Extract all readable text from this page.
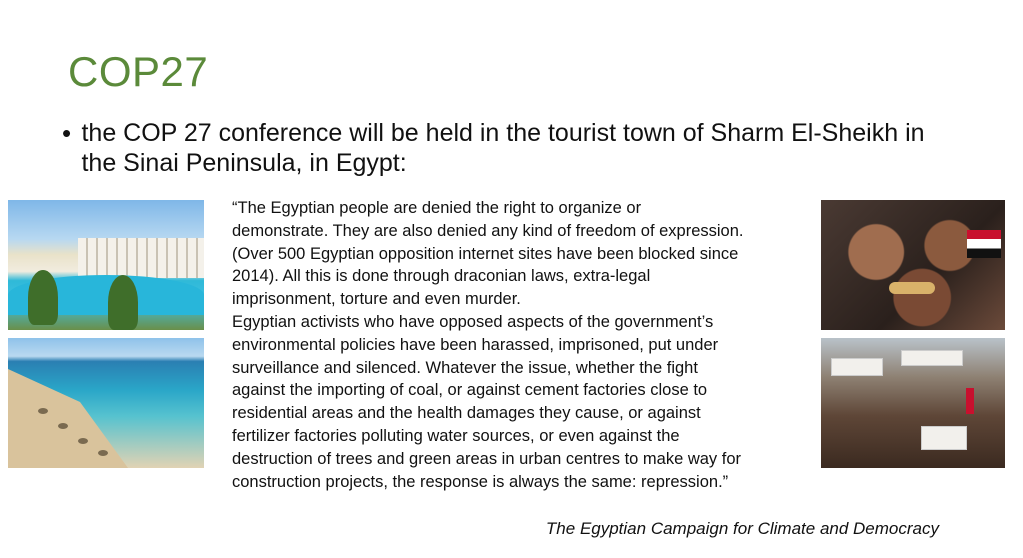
COP27
• the COP 27 conference will be held in the tourist town of Sharm El-Sheikh in the Sinai Peninsula, in Egypt:

“The Egyptian people are denied the right to organize or
demonstrate. They are also denied any kind of freedom of expression.
(Over 500 Egyptian opposition internet sites have been blocked since
2014). All this is done through draconian laws, extra-legal
imprisonment, torture and even murder.
Egyptian activists who have opposed aspects of the government’s
environmental policies have been harassed, imprisoned, put under
surveillance and silenced. Whatever the issue, whether the fight
against the importing of coal, or against cement factories close to
residential areas and the health damages they cause, or against
fertilizer factories polluting water sources, or even against the
destruction of trees and green areas in urban centres to make way for
construction projects, the response is always the same: repression.”

The Egyptian Campaign for Climate and Democracy
